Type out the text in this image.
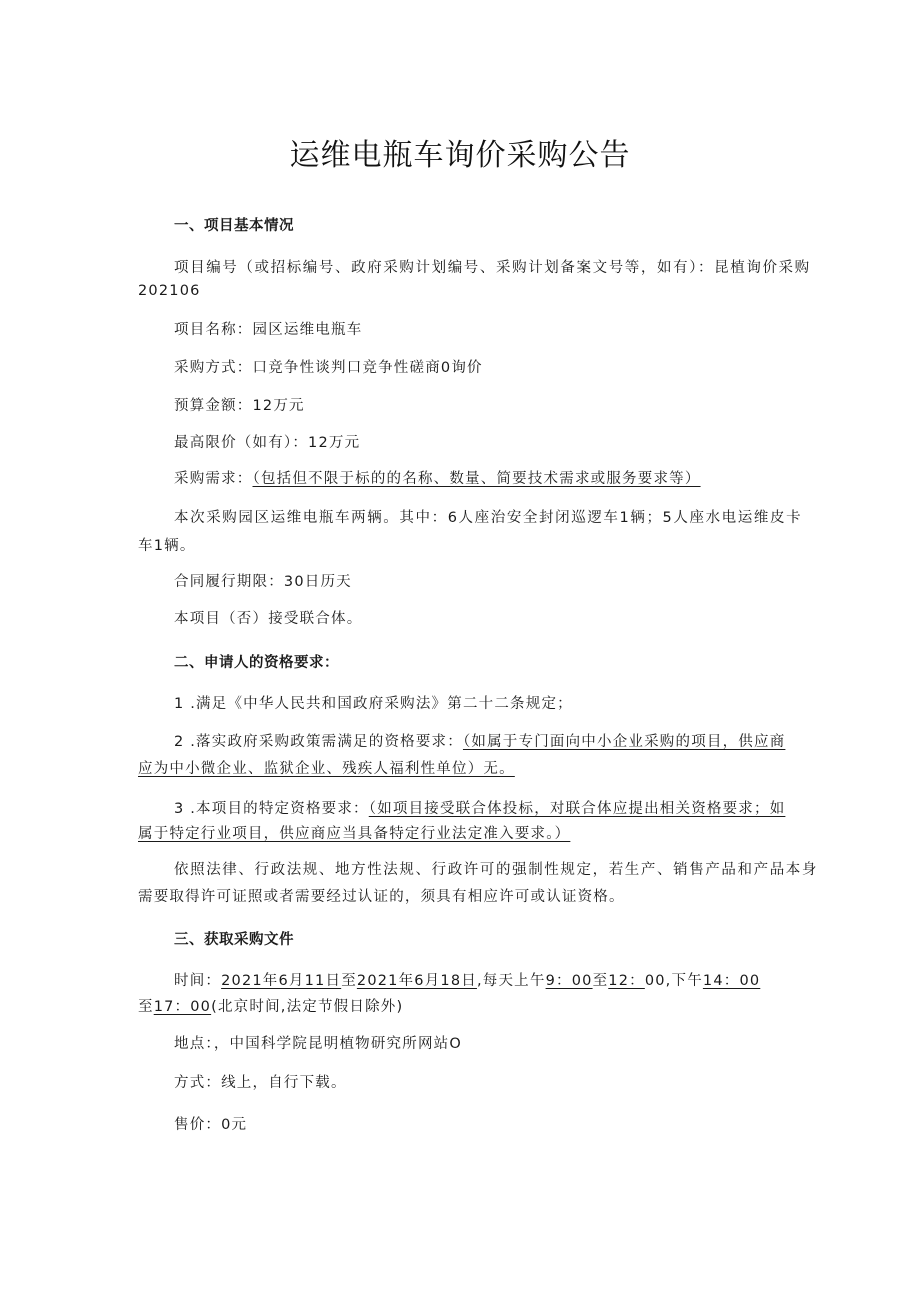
运维电瓶车询价采购公告
一、项目基本情况
项目编号（或招标编号、政府采购计划编号、采购计划备案文号等，如有）：昆植询价采购
202106
项目名称：园区运维电瓶车
采购方式：口竞争性谈判口竞争性磋商0询价
预算金额：12万元
最高限价（如有）：12万元
采购需求：（包括但不限于标的的名称、数量、简要技术需求或服务要求等）
本次采购园区运维电瓶车两辆。其中：6人座治安全封闭巡逻车1辆；5人座水电运维皮卡
车1辆。
合同履行期限：30日历天
本项目（否）接受联合体。
二、申请人的资格要求：
1 .满足《中华人民共和国政府采购法》第二十二条规定；
2 .落实政府采购政策需满足的资格要求：（如属于专门面向中小企业采购的项目，供应商
应为中小微企业、监狱企业、残疾人福利性单位）无。
3 .本项目的特定资格要求：（如项目接受联合体投标，对联合体应提出相关资格要求；如
属于特定行业项目，供应商应当具备特定行业法定准入要求。）
依照法律、行政法规、地方性法规、行政许可的强制性规定，若生产、销售产品和产品本身
需要取得许可证照或者需要经过认证的，须具有相应许可或认证资格。
三、获取采购文件
时间：2021年6月11日至2021年6月18日,每天上午9：00至12：00,下午14：00
至17：00(北京时间,法定节假日除外)
地点：，中国科学院昆明植物研究所网站O
方式：线上，自行下载。
售价：0元
